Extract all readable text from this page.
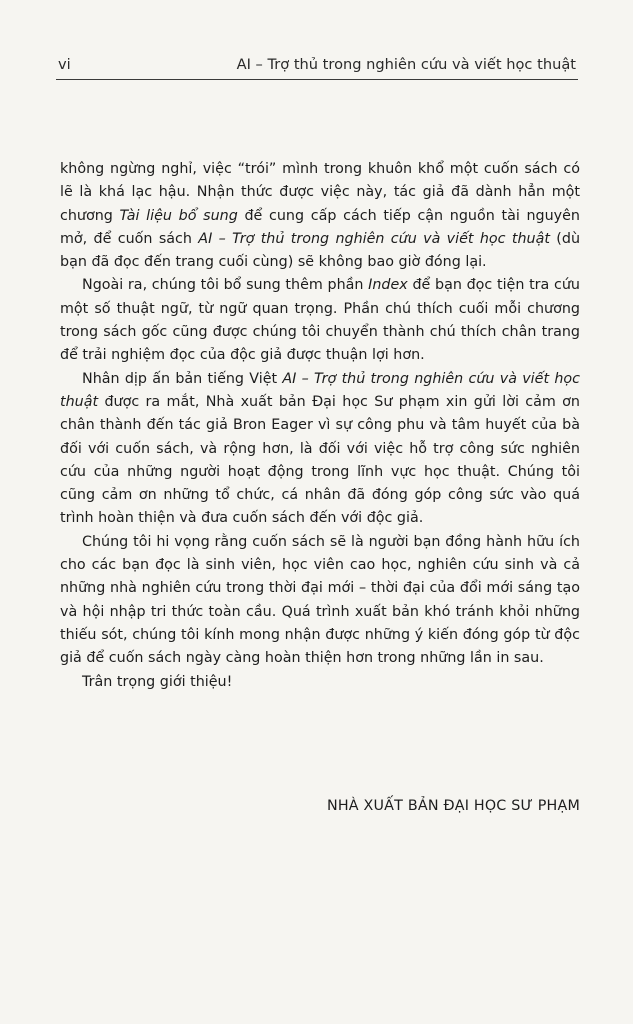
vi	AI – Trợ thủ trong nghiên cứu và viết học thuật

không ngừng nghỉ, việc “trói” mình trong khuôn khổ một cuốn sách có lẽ là khá lạc hậu. Nhận thức được việc này, tác giả đã dành hẳn một chương Tài liệu bổ sung để cung cấp cách tiếp cận nguồn tài nguyên mở, để cuốn sách AI – Trợ thủ trong nghiên cứu và viết học thuật (dù bạn đã đọc đến trang cuối cùng) sẽ không bao giờ đóng lại.

Ngoài ra, chúng tôi bổ sung thêm phần Index để bạn đọc tiện tra cứu một số thuật ngữ, từ ngữ quan trọng. Phần chú thích cuối mỗi chương trong sách gốc cũng được chúng tôi chuyển thành chú thích chân trang để trải nghiệm đọc của độc giả được thuận lợi hơn.

Nhân dịp ấn bản tiếng Việt AI – Trợ thủ trong nghiên cứu và viết học thuật được ra mắt, Nhà xuất bản Đại học Sư phạm xin gửi lời cảm ơn chân thành đến tác giả Bron Eager vì sự công phu và tâm huyết của bà đối với cuốn sách, và rộng hơn, là đối với việc hỗ trợ công sức nghiên cứu của những người hoạt động trong lĩnh vực học thuật. Chúng tôi cũng cảm ơn những tổ chức, cá nhân đã đóng góp công sức vào quá trình hoàn thiện và đưa cuốn sách đến với độc giả.

Chúng tôi hi vọng rằng cuốn sách sẽ là người bạn đồng hành hữu ích cho các bạn đọc là sinh viên, học viên cao học, nghiên cứu sinh và cả những nhà nghiên cứu trong thời đại mới – thời đại của đổi mới sáng tạo và hội nhập tri thức toàn cầu. Quá trình xuất bản khó tránh khỏi những thiếu sót, chúng tôi kính mong nhận được những ý kiến đóng góp từ độc giả để cuốn sách ngày càng hoàn thiện hơn trong những lần in sau.

Trân trọng giới thiệu!

NHÀ XUẤT BẢN ĐẠI HỌC SƯ PHẠM
